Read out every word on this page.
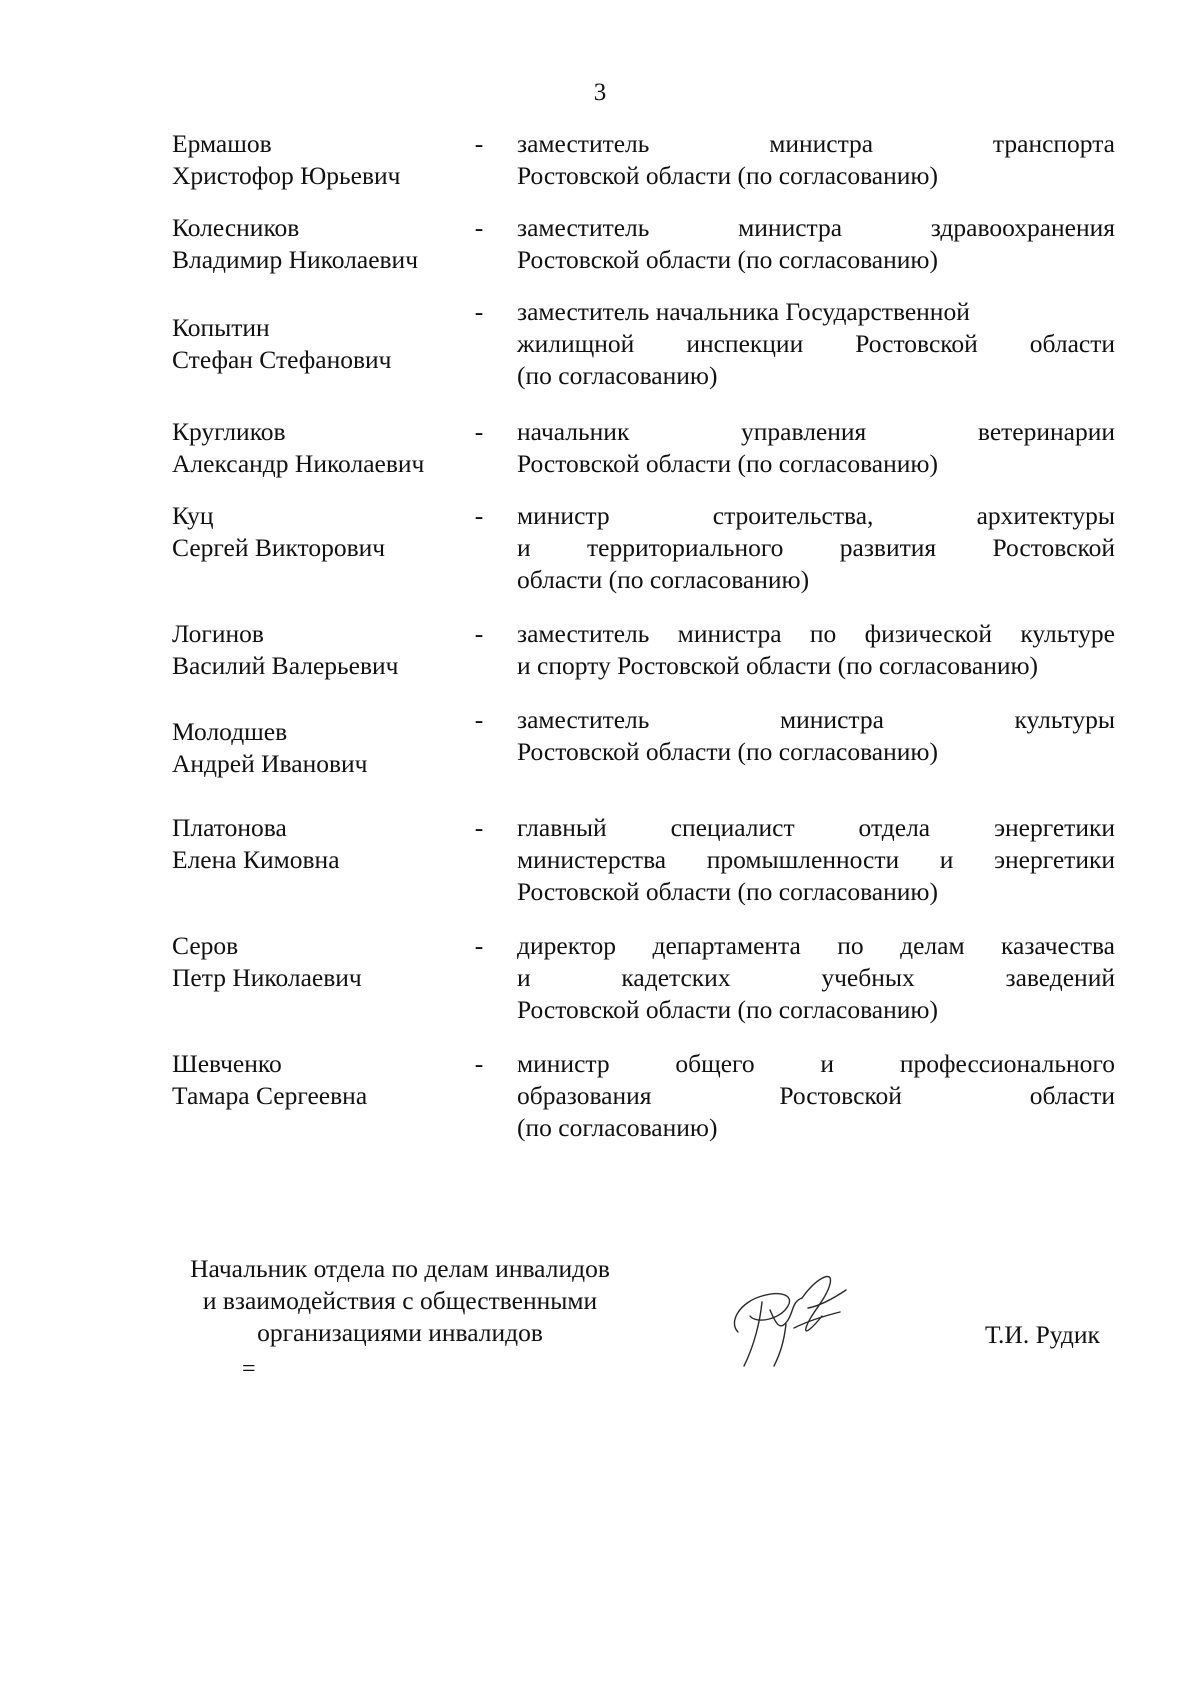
3
Ермашов
Христофор Юрьевич
- заместитель министра транспорта
Ростовской области (по согласованию)
Колесников
Владимир Николаевич
- заместитель министра здравоохранения
Ростовской области (по согласованию)
Копытин
Стефан Стефанович
- заместитель начальника Государственной
жилищной инспекции Ростовской области
(по согласованию)
Кругликов
Александр Николаевич
- начальник управления ветеринарии
Ростовской области (по согласованию)
Куц
Сергей Викторович
- министр строительства, архитектуры
и территориального развития Ростовской
области (по согласованию)
Логинов
Василий Валерьевич
- заместитель министра по физической культуре
и спорту Ростовской области (по согласованию)
Молодшев
Андрей Иванович
- заместитель министра культуры
Ростовской области (по согласованию)
Платонова
Елена Кимовна
- главный специалист отдела энергетики
министерства промышленности и энергетики
Ростовской области (по согласованию)
Серов
Петр Николаевич
- директор департамента по делам казачества
и кадетских учебных заведений
Ростовской области (по согласованию)
Шевченко
Тамара Сергеевна
- министр общего и профессионального
образования Ростовской области
(по согласованию)
Начальник отдела по делам инвалидов
и взаимодействия с общественными
организациями инвалидов
=
Т.И. Рудик
